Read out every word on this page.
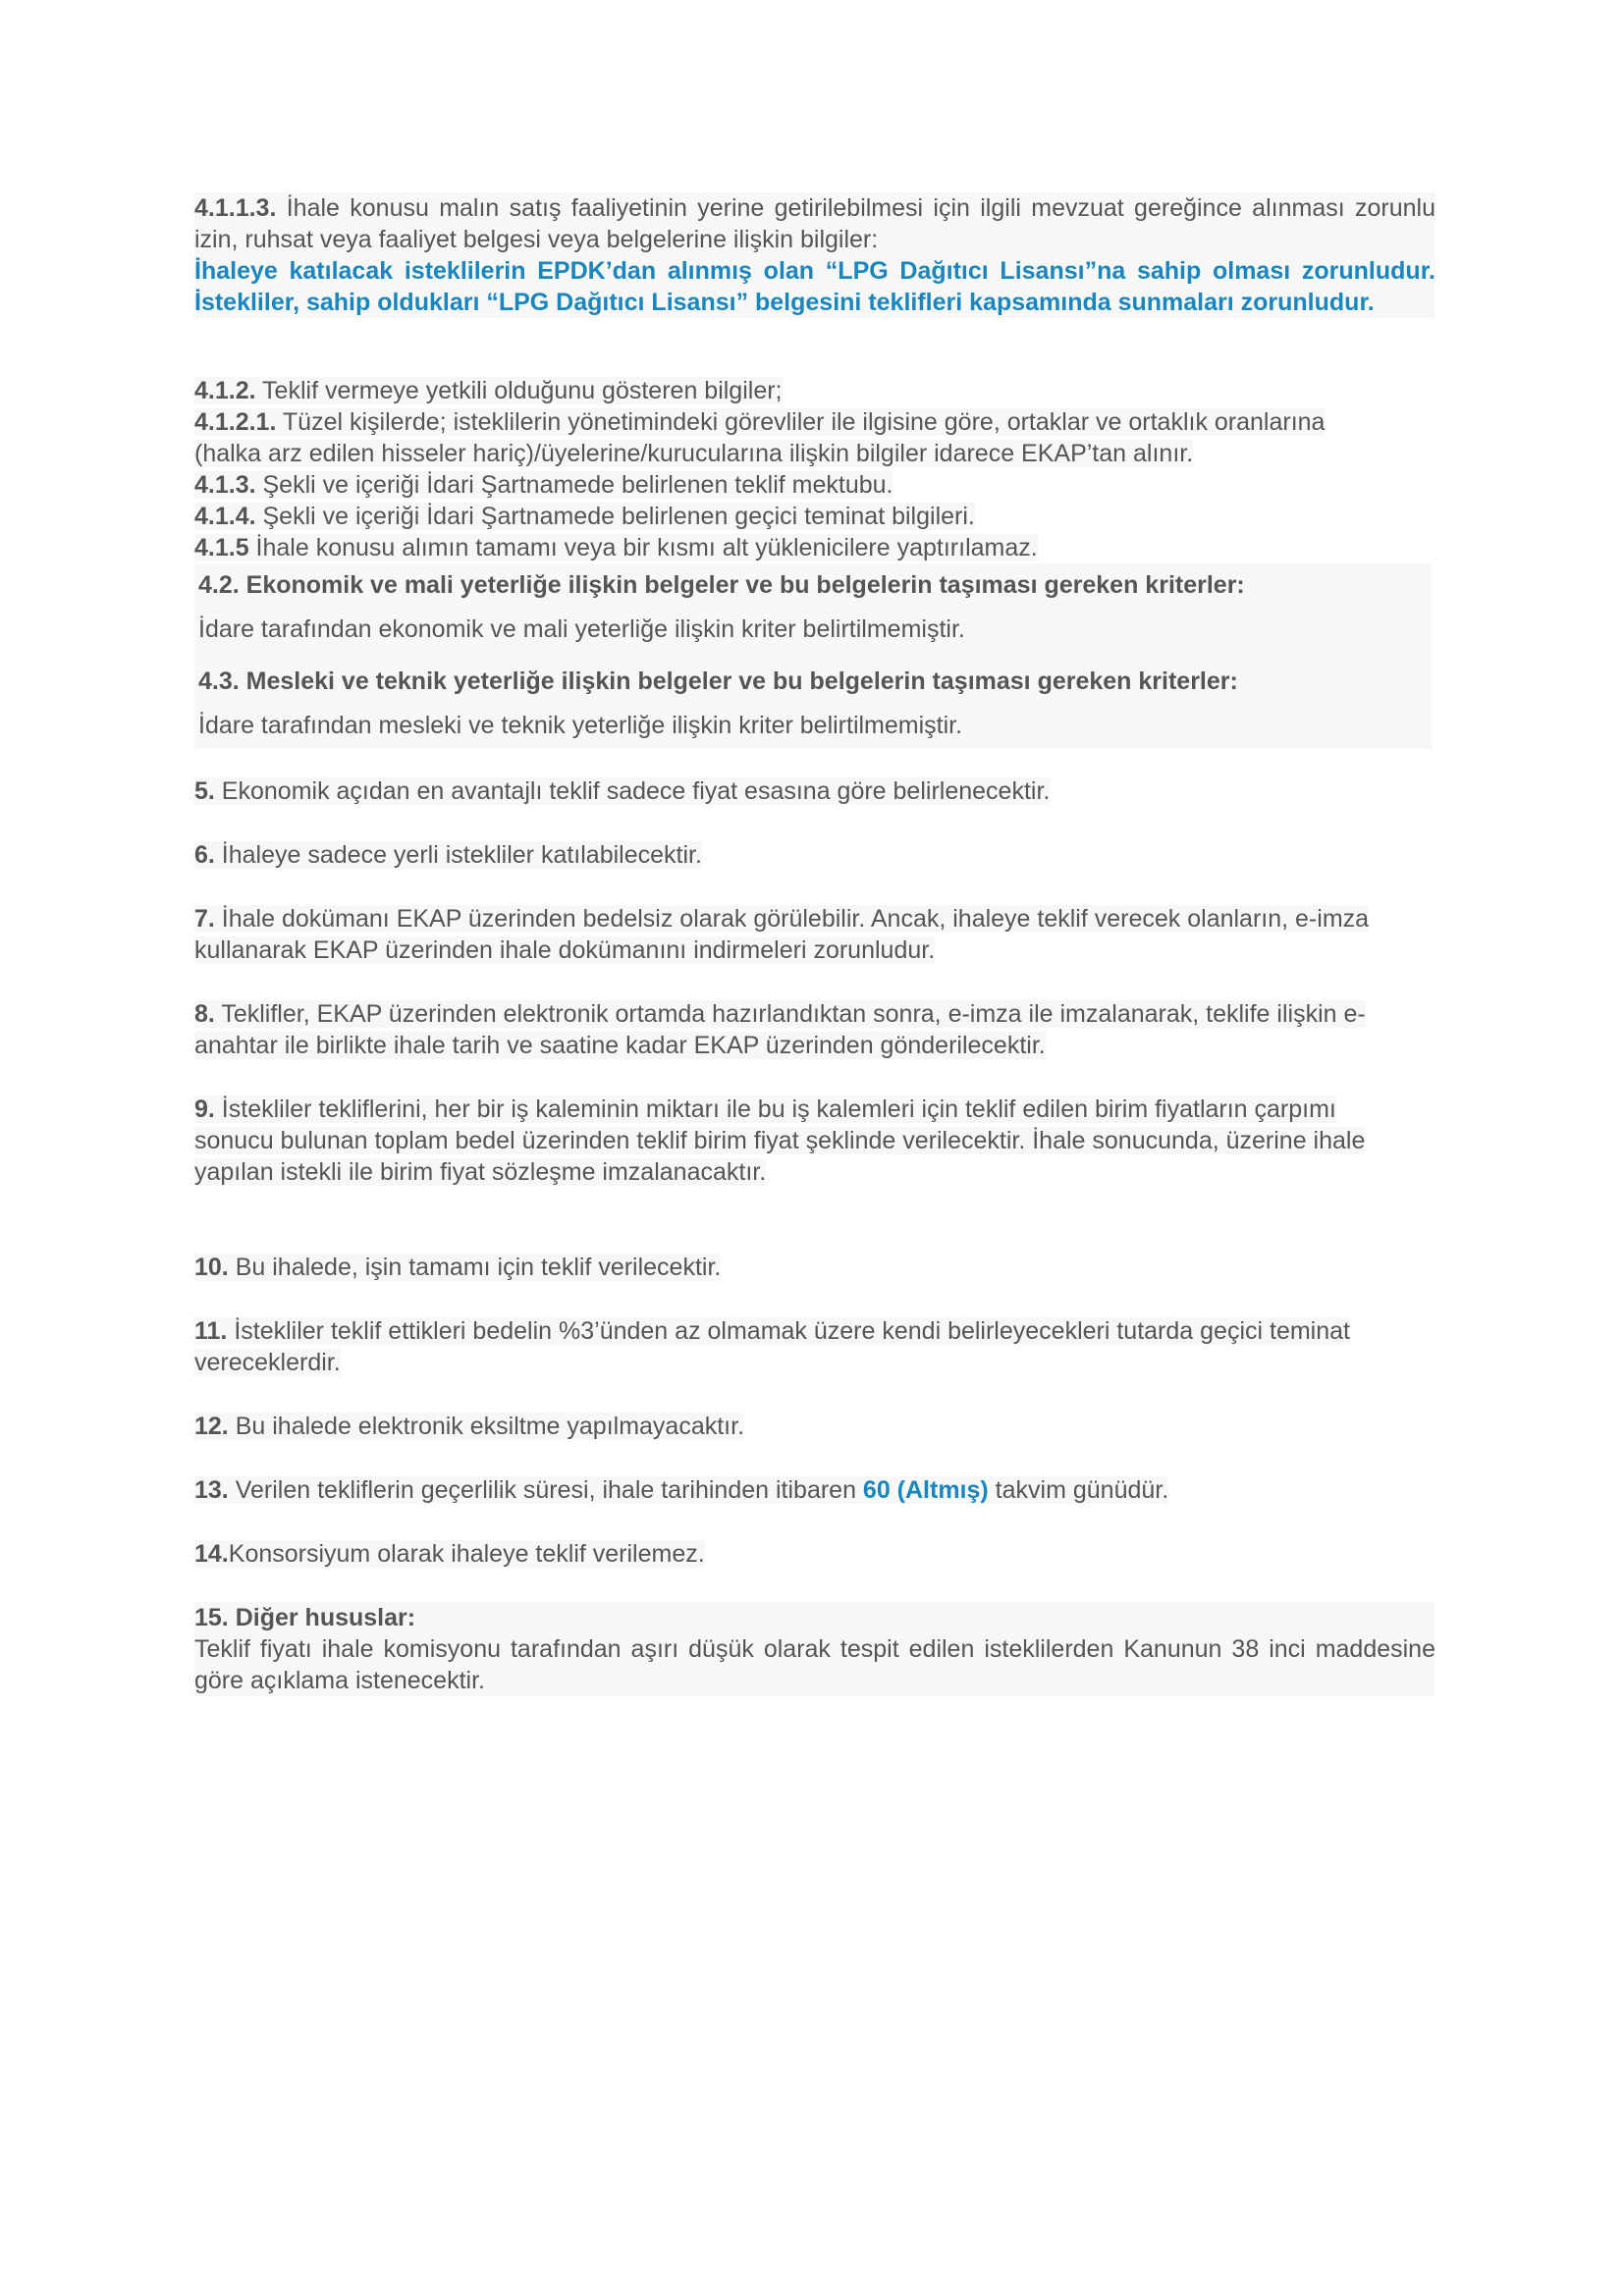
4.1.1.3. İhale konusu malın satış faaliyetinin yerine getirilebilmesi için ilgili mevzuat gereğince alınması zorunlu izin, ruhsat veya faaliyet belgesi veya belgelerine ilişkin bilgiler:
İhaleye katılacak isteklilerin EPDK’dan alınmış olan “LPG Dağıtıcı Lisansı”na sahip olması zorunludur. İstekliler, sahip oldukları “LPG Dağıtıcı Lisansı” belgesini teklifleri kapsamında sunmaları zorunludur.
4.1.2. Teklif vermeye yetkili olduğunu gösteren bilgiler;
4.1.2.1. Tüzel kişilerde; isteklilerin yönetimindeki görevliler ile ilgisine göre, ortaklar ve ortaklık oranlarına (halka arz edilen hisseler hariç)/üyelerine/kurucularına ilişkin bilgiler idarece EKAP’tan alınır.
4.1.3. Şekli ve içeriği İdari Şartnamede belirlenen teklif mektubu.
4.1.4. Şekli ve içeriği İdari Şartnamede belirlenen geçici teminat bilgileri.
4.1.5 İhale konusu alımın tamamı veya bir kısmı alt yüklenicilere yaptırılamaz.
4.2. Ekonomik ve mali yeterliğe ilişkin belgeler ve bu belgelerin taşıması gereken kriterler:
İdare tarafından ekonomik ve mali yeterliğe ilişkin kriter belirtilmemiştir.
4.3. Mesleki ve teknik yeterliğe ilişkin belgeler ve bu belgelerin taşıması gereken kriterler:
İdare tarafından mesleki ve teknik yeterliğe ilişkin kriter belirtilmemiştir.
5. Ekonomik açıdan en avantajlı teklif sadece fiyat esasına göre belirlenecektir.
6. İhaleye sadece yerli istekliler katılabilecektir.
7. İhale dokümanı EKAP üzerinden bedelsiz olarak görülebilir. Ancak, ihaleye teklif verecek olanların, e-imza kullanarak EKAP üzerinden ihale dokümanını indirmeleri zorunludur.
8. Teklifler, EKAP üzerinden elektronik ortamda hazırlandıktan sonra, e-imza ile imzalanarak, teklife ilişkin e-anahtar ile birlikte ihale tarih ve saatine kadar EKAP üzerinden gönderilecektir.
9. İstekliler tekliflerini, her bir iş kaleminin miktarı ile bu iş kalemleri için teklif edilen birim fiyatların çarpımı sonucu bulunan toplam bedel üzerinden teklif birim fiyat şeklinde verilecektir. İhale sonucunda, üzerine ihale yapılan istekli ile birim fiyat sözleşme imzalanacaktır.
10. Bu ihalede, işin tamamı için teklif verilecektir.
11. İstekliler teklif ettikleri bedelin %3’ünden az olmamak üzere kendi belirleyecekleri tutarda geçici teminat vereceklerdir.
12. Bu ihalede elektronik eksiltme yapılmayacaktır.
13. Verilen tekliflerin geçerlilik süresi, ihale tarihinden itibaren 60 (Altmış) takvim günüdür.
14.Konsorsiyum olarak ihaleye teklif verilemez.
15. Diğer hususlar:
Teklif fiyatı ihale komisyonu tarafından aşırı düşük olarak tespit edilen isteklilerden Kanunun 38 inci maddesine göre açıklama istenecektir.
